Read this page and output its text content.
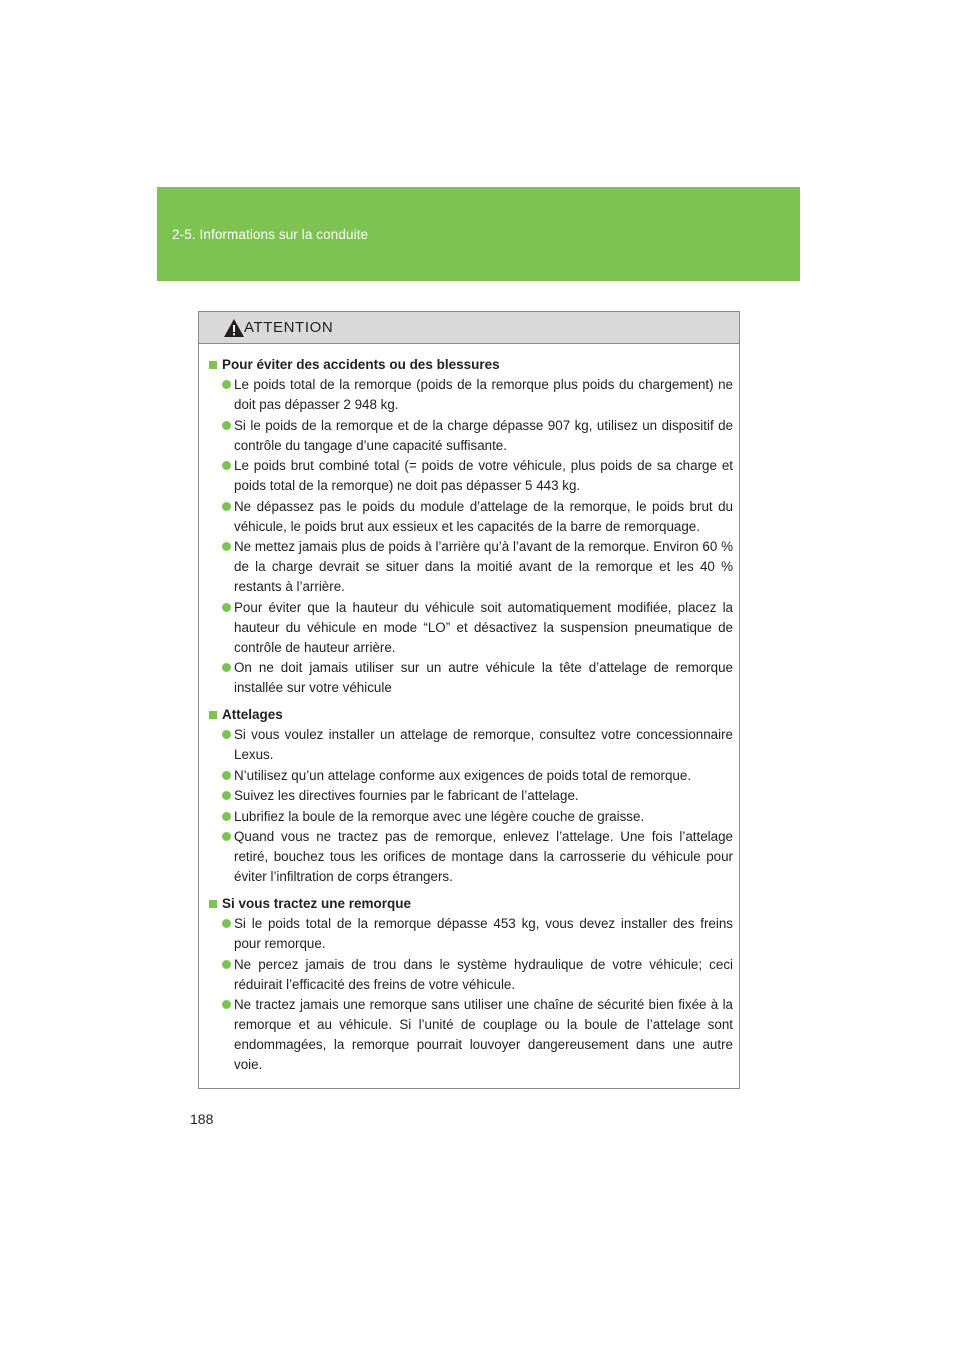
2-5. Informations sur la conduite
ATTENTION
Pour éviter des accidents ou des blessures
Le poids total de la remorque (poids de la remorque plus poids du chargement) ne doit pas dépasser 2 948 kg.
Si le poids de la remorque et de la charge dépasse 907 kg, utilisez un dispositif de contrôle du tangage d’une capacité suffisante.
Le poids brut combiné total (= poids de votre véhicule, plus poids de sa charge et poids total de la remorque) ne doit pas dépasser 5 443 kg.
Ne dépassez pas le poids du module d’attelage de la remorque, le poids brut du véhicule, le poids brut aux essieux et les capacités de la barre de remorquage.
Ne mettez jamais plus de poids à l’arrière qu’à l’avant de la remorque. Environ 60 % de la charge devrait se situer dans la moitié avant de la remorque et les 40 % restants à l’arrière.
Pour éviter que la hauteur du véhicule soit automatiquement modifiée, placez la hauteur du véhicule en mode “LO” et désactivez la suspension pneumatique de contrôle de hauteur arrière.
On ne doit jamais utiliser sur un autre véhicule la tête d’attelage de remorque installée sur votre véhicule
Attelages
Si vous voulez installer un attelage de remorque, consultez votre concessionnaire Lexus.
N’utilisez qu’un attelage conforme aux exigences de poids total de remorque.
Suivez les directives fournies par le fabricant de l’attelage.
Lubrifiez la boule de la remorque avec une légère couche de graisse.
Quand vous ne tractez pas de remorque, enlevez l’attelage. Une fois l’attelage retiré, bouchez tous les orifices de montage dans la carrosserie du véhicule pour éviter l’infiltration de corps étrangers.
Si vous tractez une remorque
Si le poids total de la remorque dépasse 453 kg, vous devez installer des freins pour remorque.
Ne percez jamais de trou dans le système hydraulique de votre véhicule; ceci réduirait l’efficacité des freins de votre véhicule.
Ne tractez jamais une remorque sans utiliser une chaîne de sécurité bien fixée à la remorque et au véhicule. Si l’unité de couplage ou la boule de l’attelage sont endommagées, la remorque pourrait louvoyer dangereusement dans une autre voie.
188
